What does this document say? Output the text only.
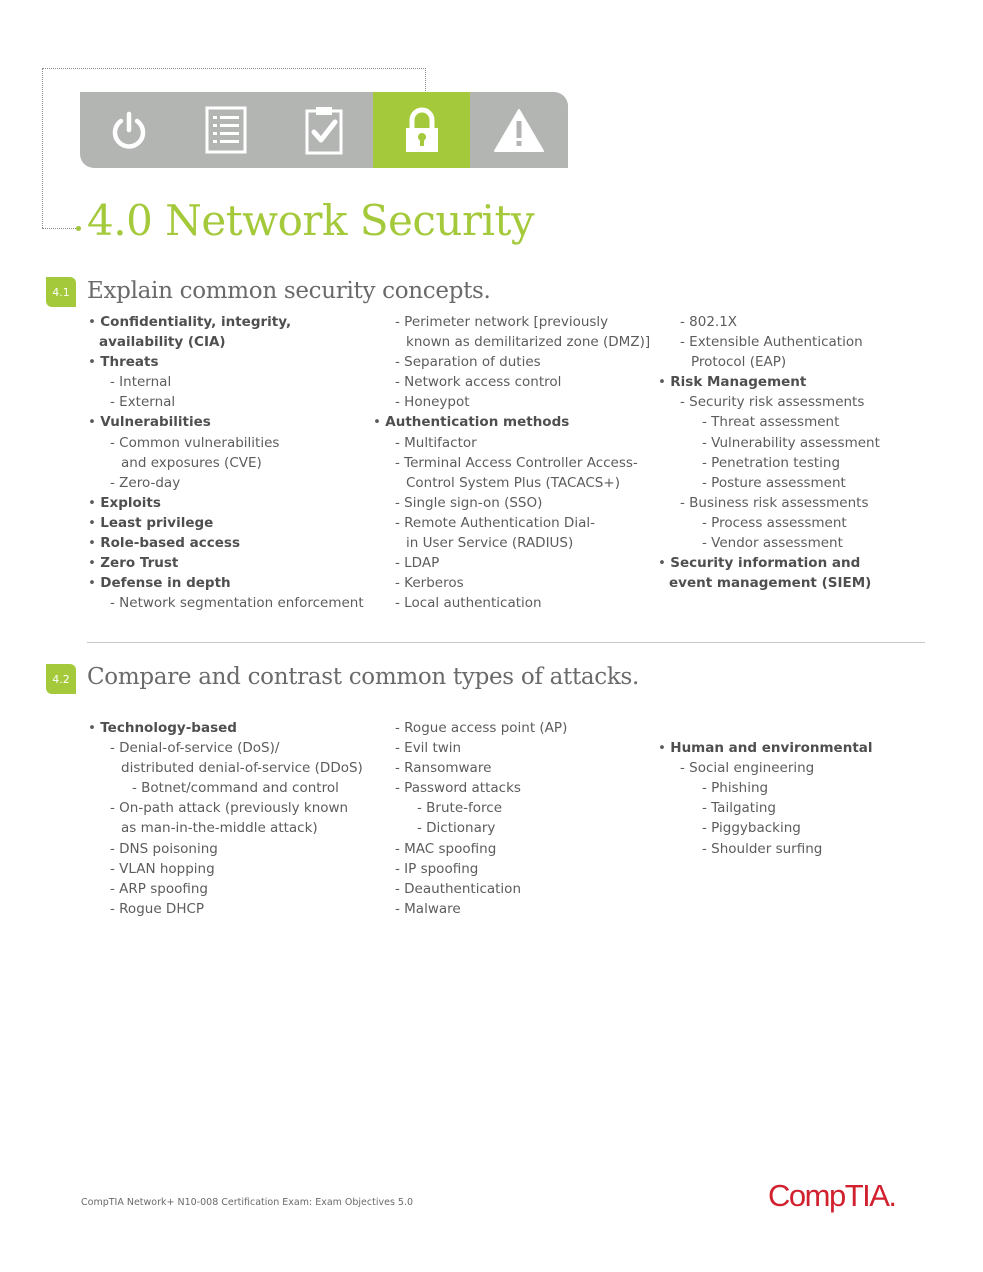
4.0 Network Security
4.1 Explain common security concepts.
• Confidentiality, integrity,
availability (CIA)
• Threats
- Internal
- External
• Vulnerabilities
- Common vulnerabilities
and exposures (CVE)
- Zero-day
• Exploits
• Least privilege
• Role-based access
• Zero Trust
• Defense in depth
- Network segmentation enforcement
- Perimeter network [previously
known as demilitarized zone (DMZ)]
- Separation of duties
- Network access control
- Honeypot
• Authentication methods
- Multifactor
- Terminal Access Controller Access-
Control System Plus (TACACS+)
- Single sign-on (SSO)
- Remote Authentication Dial-
in User Service (RADIUS)
- LDAP
- Kerberos
- Local authentication
- 802.1X
- Extensible Authentication
Protocol (EAP)
• Risk Management
- Security risk assessments
- Threat assessment
- Vulnerability assessment
- Penetration testing
- Posture assessment
- Business risk assessments
- Process assessment
- Vendor assessment
• Security information and
event management (SIEM)
4.2 Compare and contrast common types of attacks.
• Technology-based
- Denial-of-service (DoS)/
distributed denial-of-service (DDoS)
- Botnet/command and control
- On-path attack (previously known
as man-in-the-middle attack)
- DNS poisoning
- VLAN hopping
- ARP spoofing
- Rogue DHCP
- Rogue access point (AP)
- Evil twin
- Ransomware
- Password attacks
- Brute-force
- Dictionary
- MAC spoofing
- IP spoofing
- Deauthentication
- Malware

• Human and environmental
- Social engineering
- Phishing
- Tailgating
- Piggybacking
- Shoulder surfing
CompTIA Network+ N10-008 Certification Exam: Exam Objectives 5.0	CompTIA.
